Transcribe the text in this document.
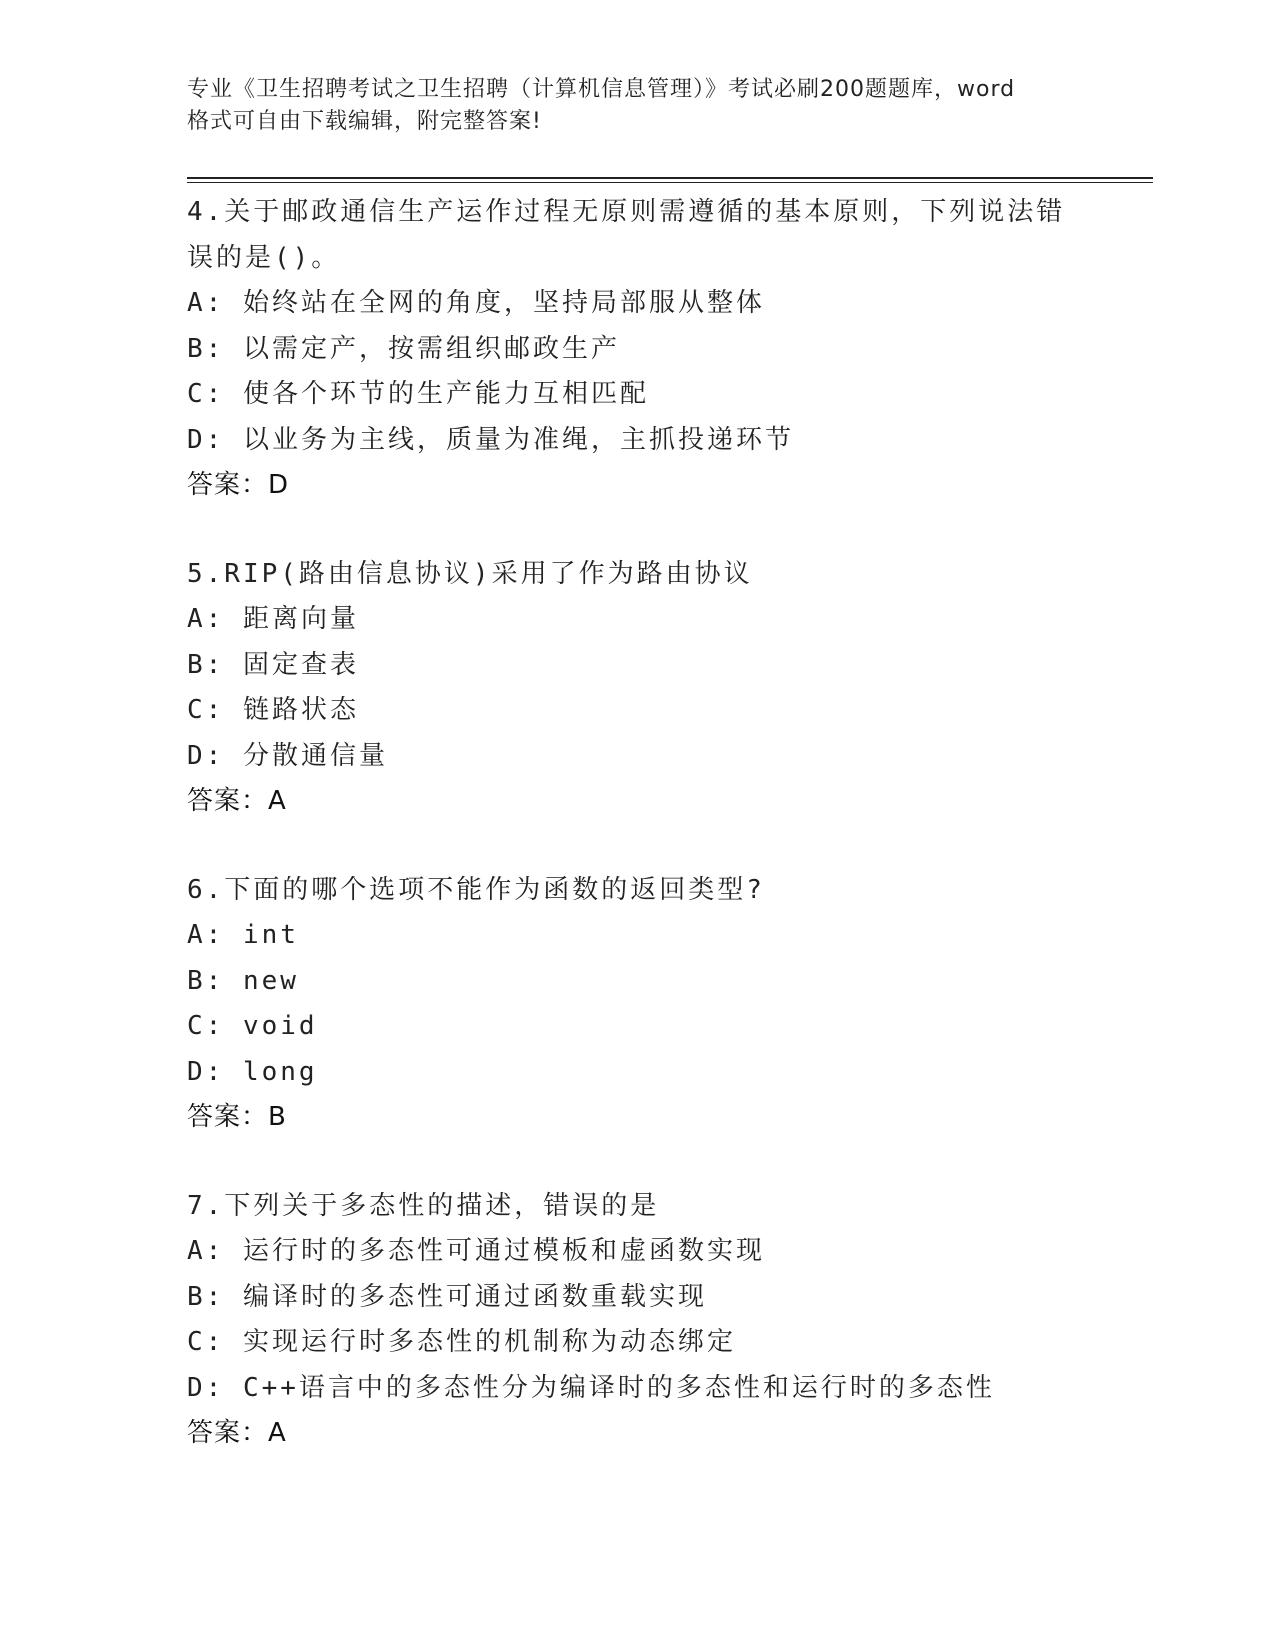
专业《卫生招聘考试之卫生招聘（计算机信息管理）》考试必刷200题题库，word
格式可自由下载编辑，附完整答案!
4.关于邮政通信生产运作过程无原则需遵循的基本原则，下列说法错
误的是()。
A: 始终站在全网的角度，坚持局部服从整体
B: 以需定产，按需组织邮政生产
C: 使各个环节的生产能力互相匹配
D: 以业务为主线，质量为准绳，主抓投递环节
答案：D
5.RIP(路由信息协议)采用了作为路由协议
A: 距离向量
B: 固定查表
C: 链路状态
D: 分散通信量
答案：A
6.下面的哪个选项不能作为函数的返回类型?
A: int
B: new
C: void
D: long
答案：B
7.下列关于多态性的描述，错误的是
A: 运行时的多态性可通过模板和虚函数实现
B: 编译时的多态性可通过函数重载实现
C: 实现运行时多态性的机制称为动态绑定
D: C++语言中的多态性分为编译时的多态性和运行时的多态性
答案：A
